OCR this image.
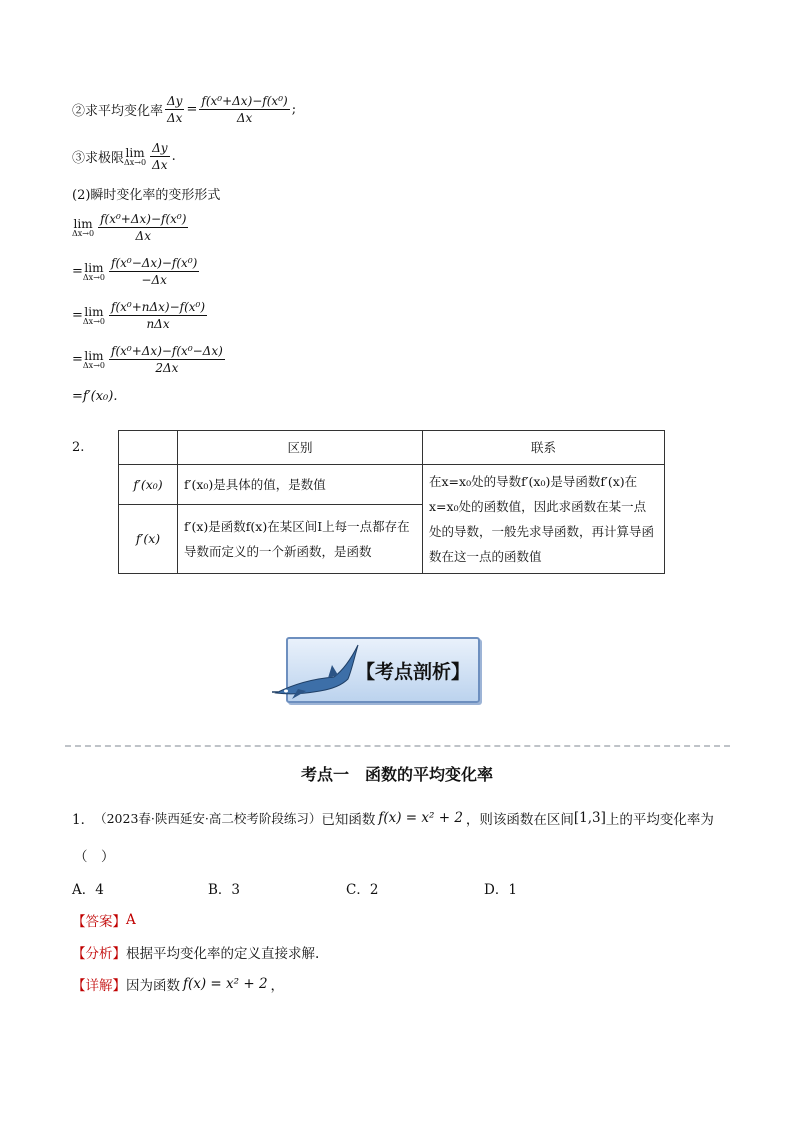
②求平均变化率 $\frac{\Delta y}{\Delta x} = \frac{\text{f(x⁰+Δx)−f(x⁰)}}{\Delta x}$ ;
③求极限 lim
$\Delta x\to 0 \frac{\Delta y}{\Delta x}$ .
(2)瞬时变化率的变形形式
lim
$\Delta x\to 0 \frac{\text{f(x⁰+Δx)−f(x⁰)}}{\Delta x}$
= lim
$\Delta x\to 0 \frac{\text{f(x⁰−Δx)−f(x⁰)}}{-\Delta x}$
= lim
$\Delta x\to 0 \frac{\text{f(x⁰+nΔx)−f(x⁰)}}{\text{nΔx}}$
= lim
$\Delta x\to 0 \frac{\text{f(x⁰+Δx)−f(x⁰−Δx)}}{2\Delta x}$
=f′(x₀).
2.
		区别	联系
f′(x₀)	f′(x₀)是具体的值，是数值	在x=x₀处的导数f′(x₀)是导函数f′(x)在x=x₀处的函数值，因此求函数在某一点处的导数，一般先求导函数，再计算导函数在这一点的函数值
f′(x)	f′(x)是函数f(x)在某区间I上每一点都存在导数而定义的一个新函数，是函数	
【考点剖析】
考点一　函数的平均变化率
1． （2023春·陕西延安·高二校考阶段练习） 已知函数 f(x) = x² + 2 ，则该函数在区间 [1,3] 上的平均变化率为
（　）
A．4	B．3	C．2	D．1
【答案】 A
【分析】 根据平均变化率的定义直接求解.
【详解】 因为函数 f(x) = x² + 2 ，
